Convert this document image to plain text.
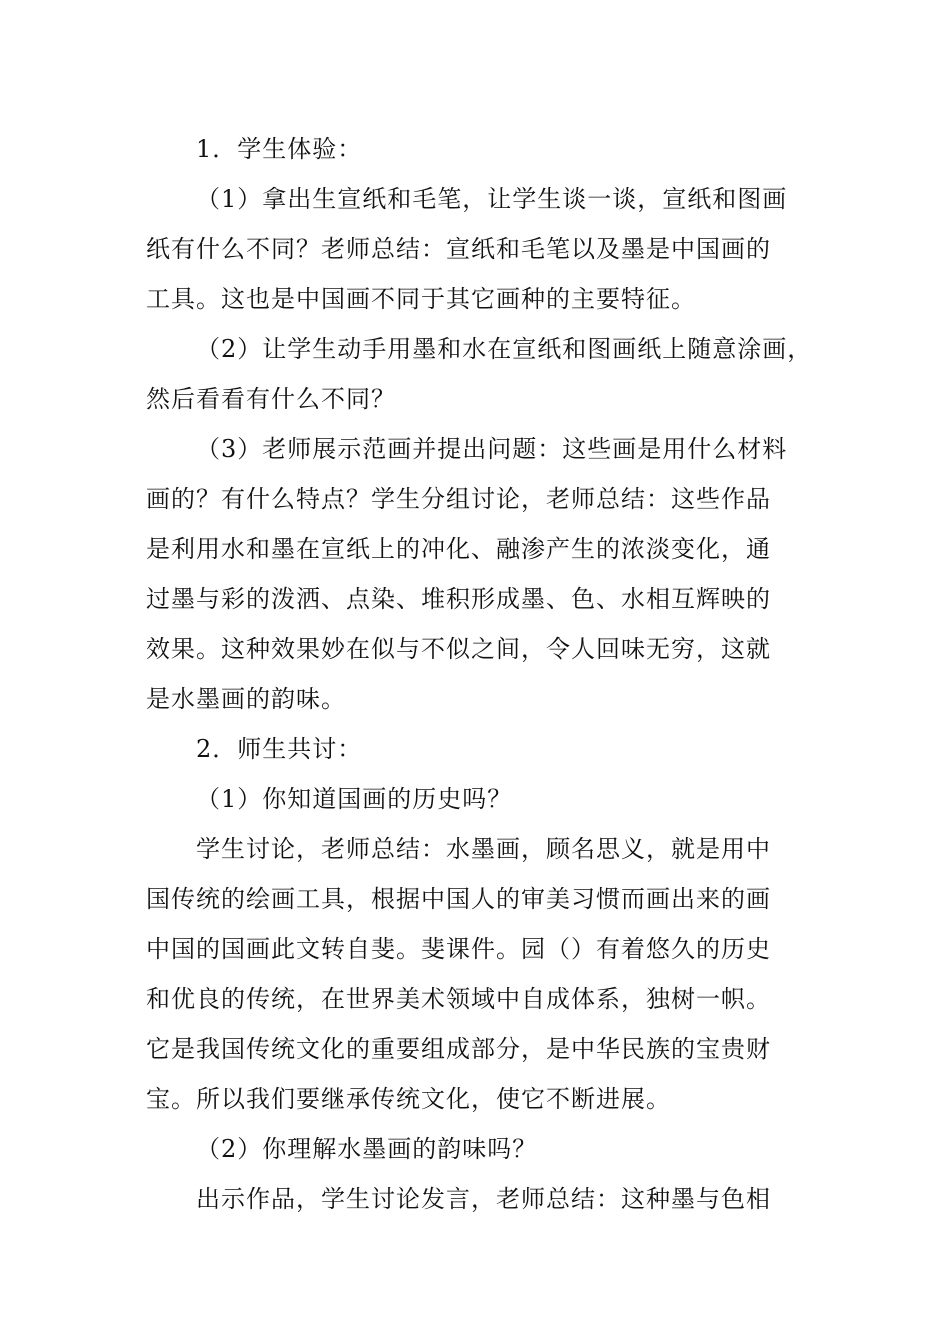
1．学生体验：
（1）拿出生宣纸和毛笔，让学生谈一谈，宣纸和图画
纸有什么不同？老师总结：宣纸和毛笔以及墨是中国画的
工具。这也是中国画不同于其它画种的主要特征。
（2）让学生动手用墨和水在宣纸和图画纸上随意涂画，
然后看看有什么不同？
（3）老师展示范画并提出问题：这些画是用什么材料
画的？有什么特点？学生分组讨论，老师总结：这些作品
是利用水和墨在宣纸上的冲化、融渗产生的浓淡变化，通
过墨与彩的泼洒、点染、堆积形成墨、色、水相互辉映的
效果。这种效果妙在似与不似之间，令人回味无穷，这就
是水墨画的韵味。
2．师生共讨：
（1）你知道国画的历史吗？
学生讨论，老师总结：水墨画，顾名思义，就是用中
国传统的绘画工具，根据中国人的审美习惯而画出来的画
中国的国画此文转自斐。斐课件。园（）有着悠久的历史
和优良的传统，在世界美术领域中自成体系，独树一帜。
它是我国传统文化的重要组成部分，是中华民族的宝贵财
宝。所以我们要继承传统文化，使它不断进展。
（2）你理解水墨画的韵味吗？
出示作品，学生讨论发言，老师总结：这种墨与色相
